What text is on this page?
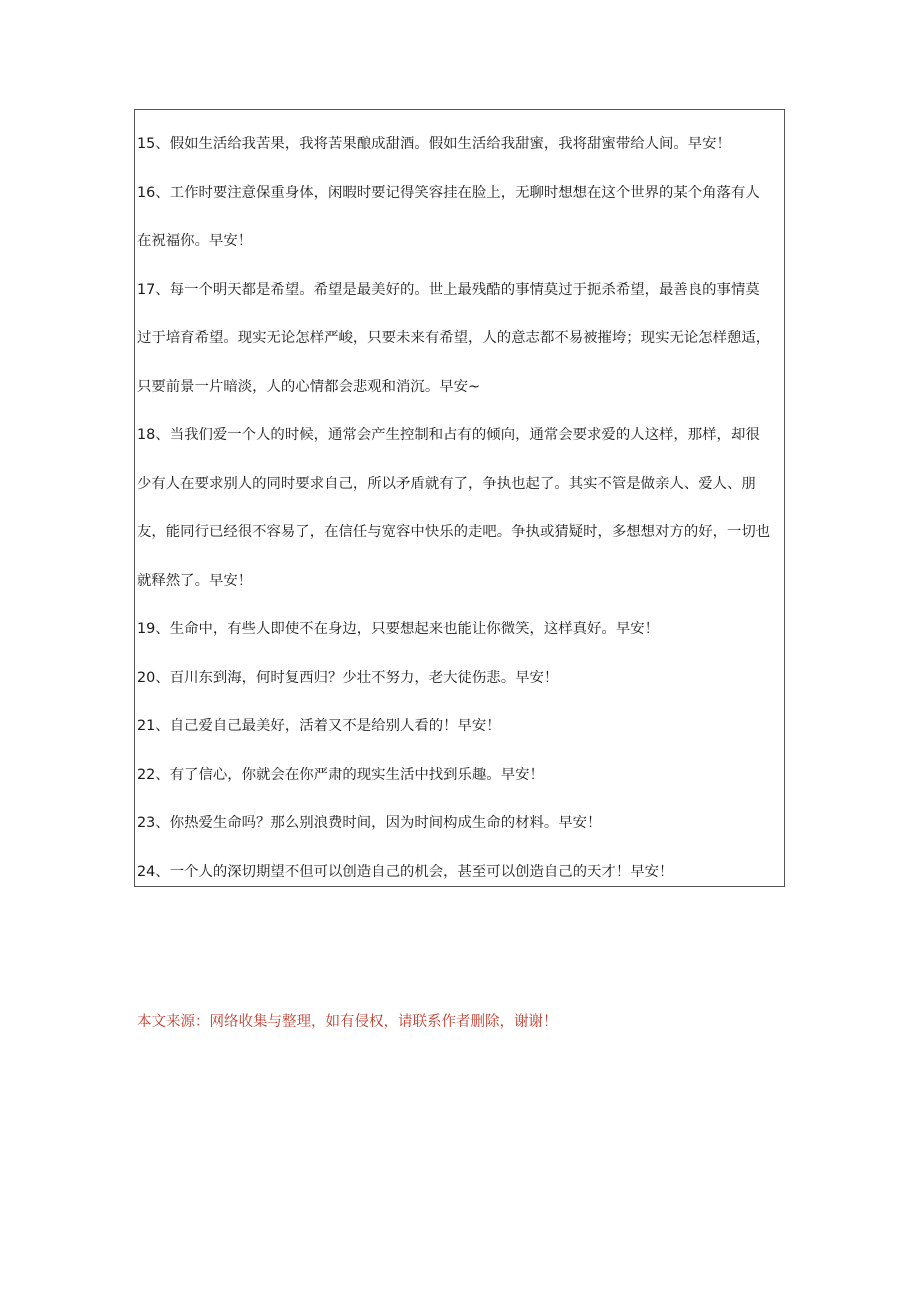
15、假如生活给我苦果，我将苦果酿成甜酒。假如生活给我甜蜜，我将甜蜜带给人间。早安！

16、工作时要注意保重身体，闲暇时要记得笑容挂在脸上，无聊时想想在这个世界的某个角落有人
在祝福你。早安！

17、每一个明天都是希望。希望是最美好的。世上最残酷的事情莫过于扼杀希望，最善良的事情莫
过于培育希望。现实无论怎样严峻，只要未来有希望，人的意志都不易被摧垮；现实无论怎样憩适，
只要前景一片暗淡，人的心情都会悲观和消沉。早安~

18、当我们爱一个人的时候，通常会产生控制和占有的倾向，通常会要求爱的人这样，那样，却很
少有人在要求别人的同时要求自己，所以矛盾就有了，争执也起了。其实不管是做亲人、爱人、朋
友，能同行已经很不容易了，在信任与宽容中快乐的走吧。争执或猜疑时，多想想对方的好，一切也
就释然了。早安！

19、生命中，有些人即使不在身边，只要想起来也能让你微笑，这样真好。早安！

20、百川东到海，何时复西归？少壮不努力，老大徒伤悲。早安！

21、自己爱自己最美好，活着又不是给别人看的！早安！

22、有了信心，你就会在你严肃的现实生活中找到乐趣。早安！

23、你热爱生命吗？那么别浪费时间，因为时间构成生命的材料。早安！

24、一个人的深切期望不但可以创造自己的机会，甚至可以创造自己的天才！早安！

本文来源：网络收集与整理，如有侵权，请联系作者删除，谢谢！
